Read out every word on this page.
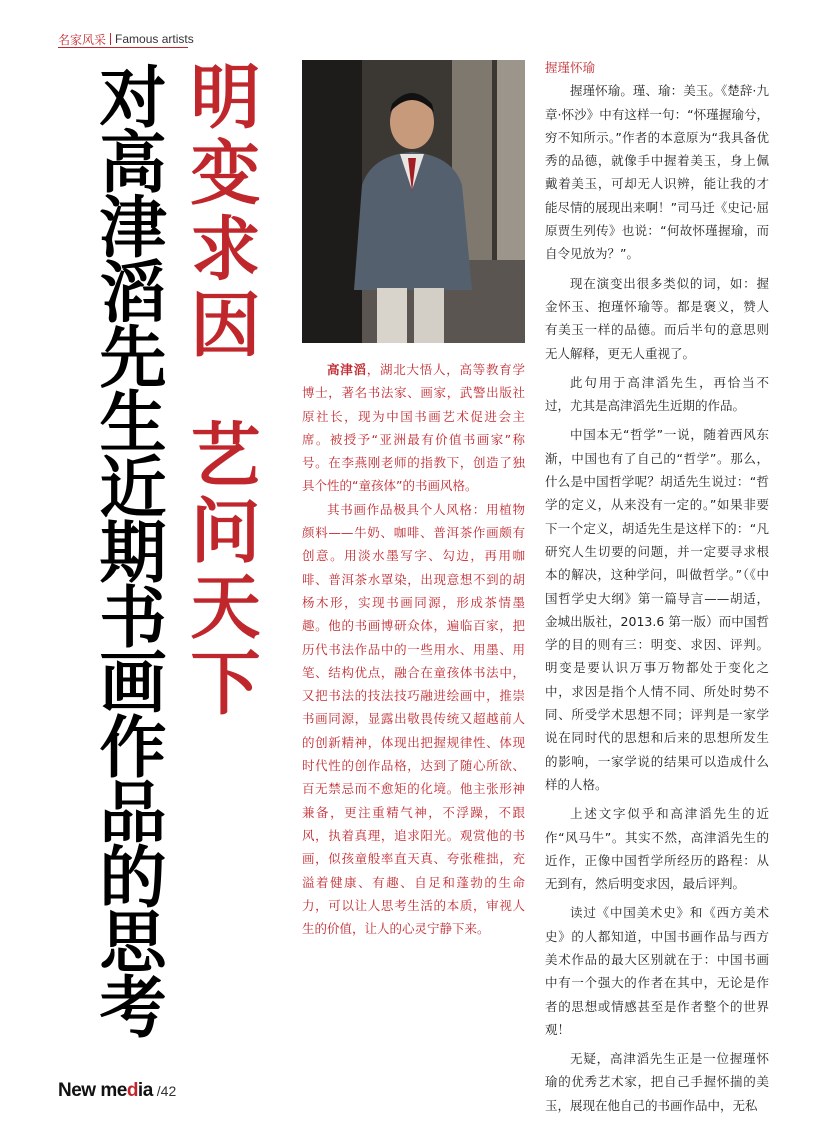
名家风采 Famous artists
对高津滔先生近期书画作品的思考 明变求因
艺问天下

高津滔，湖北大悟人，高等教育学博士，著名书法家、画家，武警出版社原社长，现为中国书画艺术促进会主席。被授予“亚洲最有价值书画家”称号。在李燕刚老师的指教下，创造了独具个性的“童孩体”的书画风格。

其书画作品极具个人风格：用植物颜料——牛奶、咖啡、普洱茶作画颇有创意。用淡水墨写字、勾边，再用咖啡、普洱茶水罩染，出现意想不到的胡杨木形，实现书画同源，形成茶情墨趣。他的书画博研众体，遍临百家，把历代书法作品中的一些用水、用墨、用笔、结构优点，融合在童孩体书法中，又把书法的技法技巧融进绘画中，推崇书画同源，显露出敬畏传统又超越前人的创新精神，体现出把握规律性、体现时代性的创作品格，达到了随心所欲、百无禁忌而不愈矩的化境。他主张形神兼备，更注重精气神，不浮躁，不跟风，执着真理，追求阳光。观赏他的书画，似孩童般率直天真、夸张稚拙，充溢着健康、有趣、自足和蓬勃的生命力，可以让人思考生活的本质，审视人生的价值，让人的心灵宁静下来。

握瑾怀瑜

握瑾怀瑜。瑾、瑜：美玉。《楚辞·九章·怀沙》中有这样一句：“怀瑾握瑜兮，穷不知所示。”作者的本意原为“我具备优秀的品德，就像手中握着美玉，身上佩戴着美玉，可却无人识辨，能让我的才能尽情的展现出来啊！”司马迁《史记·屈原贾生列传》也说：“何故怀瑾握瑜，而自令见放为？”。

现在演变出很多类似的词，如：握金怀玉、抱瑾怀瑜等。都是褒义，赞人有美玉一样的品德。而后半句的意思则无人解释，更无人重视了。

此句用于高津滔先生，再恰当不过，尤其是高津滔先生近期的作品。

中国本无“哲学”一说，随着西风东渐，中国也有了自己的“哲学”。那么，什么是中国哲学呢？胡适先生说过：“哲学的定义，从来没有一定的。”如果非要下一个定义，胡适先生是这样下的：“凡研究人生切要的问题，并一定要寻求根本的解决，这种学问，叫做哲学。”（《中国哲学史大纲》第一篇导言——胡适，金城出版社，2013.6 第一版）而中国哲学的目的则有三：明变、求因、评判。明变是要认识万事万物都处于变化之中，求因是指个人情不同、所处时势不同、所受学术思想不同；评判是一家学说在同时代的思想和后来的思想所发生的影响，一家学说的结果可以造成什么样的人格。

上述文字似乎和高津滔先生的近作“风马牛”。其实不然，高津滔先生的近作，正像中国哲学所经历的路程：从无到有，然后明变求因，最后评判。

读过《中国美术史》和《西方美术史》的人都知道，中国书画作品与西方美术作品的最大区别就在于：中国书画中有一个强大的作者在其中，无论是作者的思想或情感甚至是作者整个的世界观！

无疑，高津滔先生正是一位握瑾怀瑜的优秀艺术家，把自己手握怀揣的美玉，展现在他自己的书画作品中，无私

New media /42
